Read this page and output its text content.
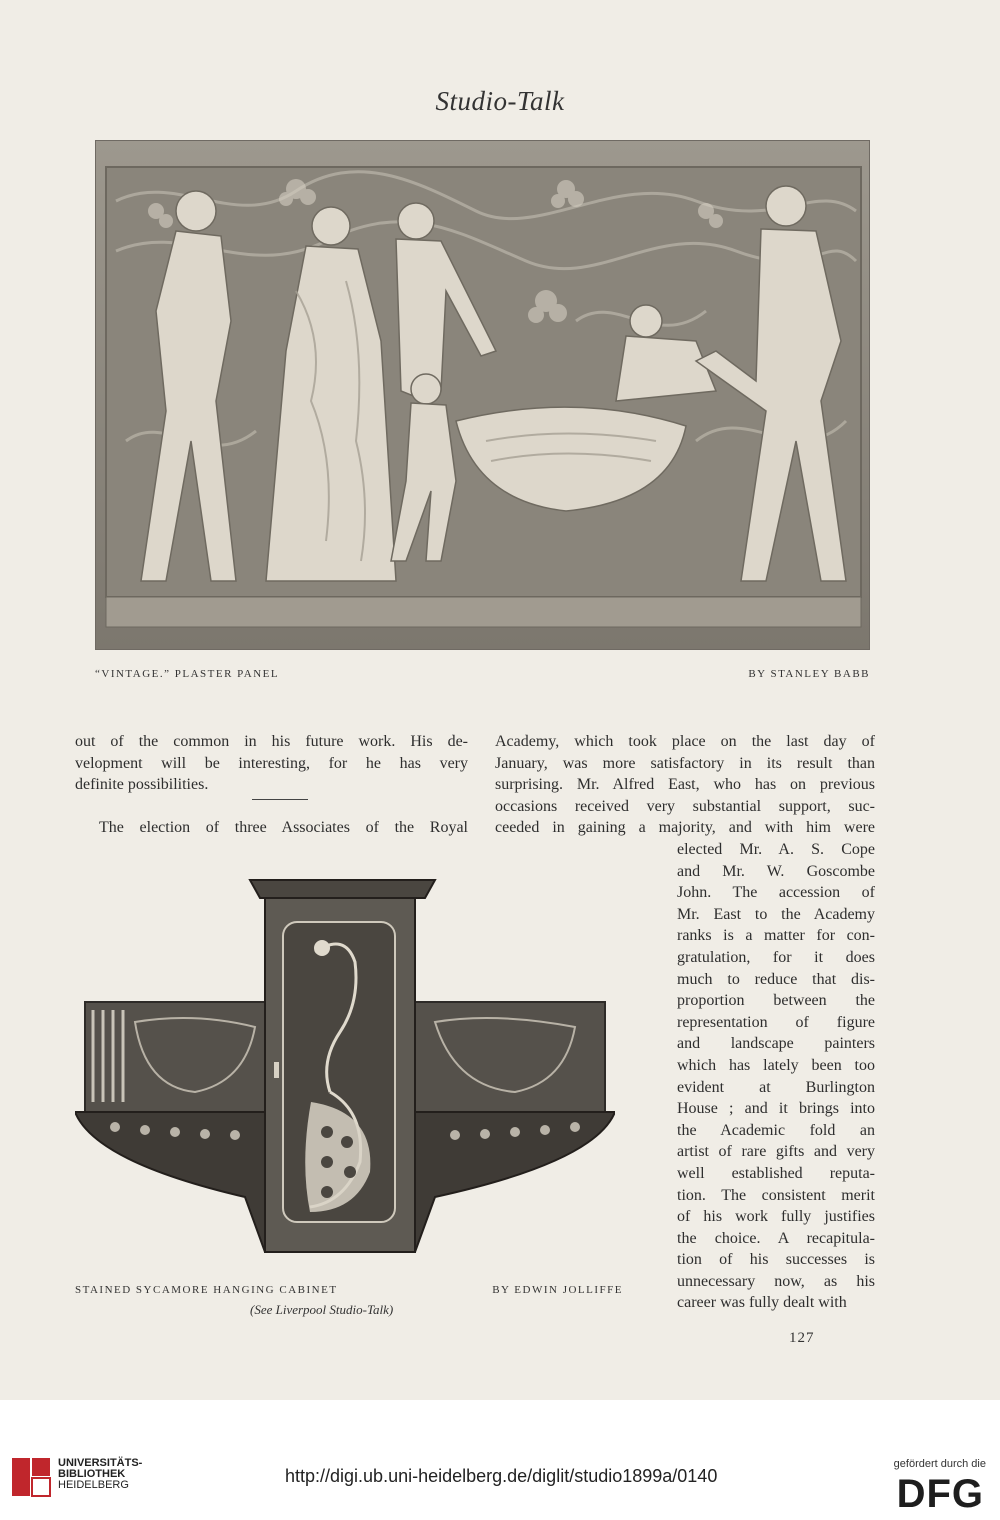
Studio-Talk
“VINTAGE.” PLASTER PANEL	BY STANLEY BABB
out of the common in his future work. His de-
velopment will be interesting, for he has very
definite possibilities.
The election of three Associates of the Royal
Academy, which took place on the last day of
January, was more satisfactory in its result than
surprising. Mr. Alfred East, who has on previous
occasions received very substantial support, suc-
ceeded in gaining a majority, and with him were
elected Mr. A. S. Cope
and Mr. W. Goscombe
John. The accession of
Mr. East to the Academy
ranks is a matter for con-
gratulation, for it does
much to reduce that dis-
proportion between the
representation of figure
and landscape painters
which has lately been too
evident at Burlington
House ; and it brings into
the Academic fold an
artist of rare gifts and very
well established reputa-
tion. The consistent merit
of his work fully justifies
the choice. A recapitula-
tion of his successes is
unnecessary now, as his
career was fully dealt with
STAINED SYCAMORE HANGING CABINET	BY EDWIN JOLLIFFE
(See Liverpool Studio-Talk)
127
UNIVERSITÄTS-
BIBLIOTHEK
HEIDELBERG	http://digi.ub.uni-heidelberg.de/diglit/studio1899a/0140
gefördert durch die
DFG
